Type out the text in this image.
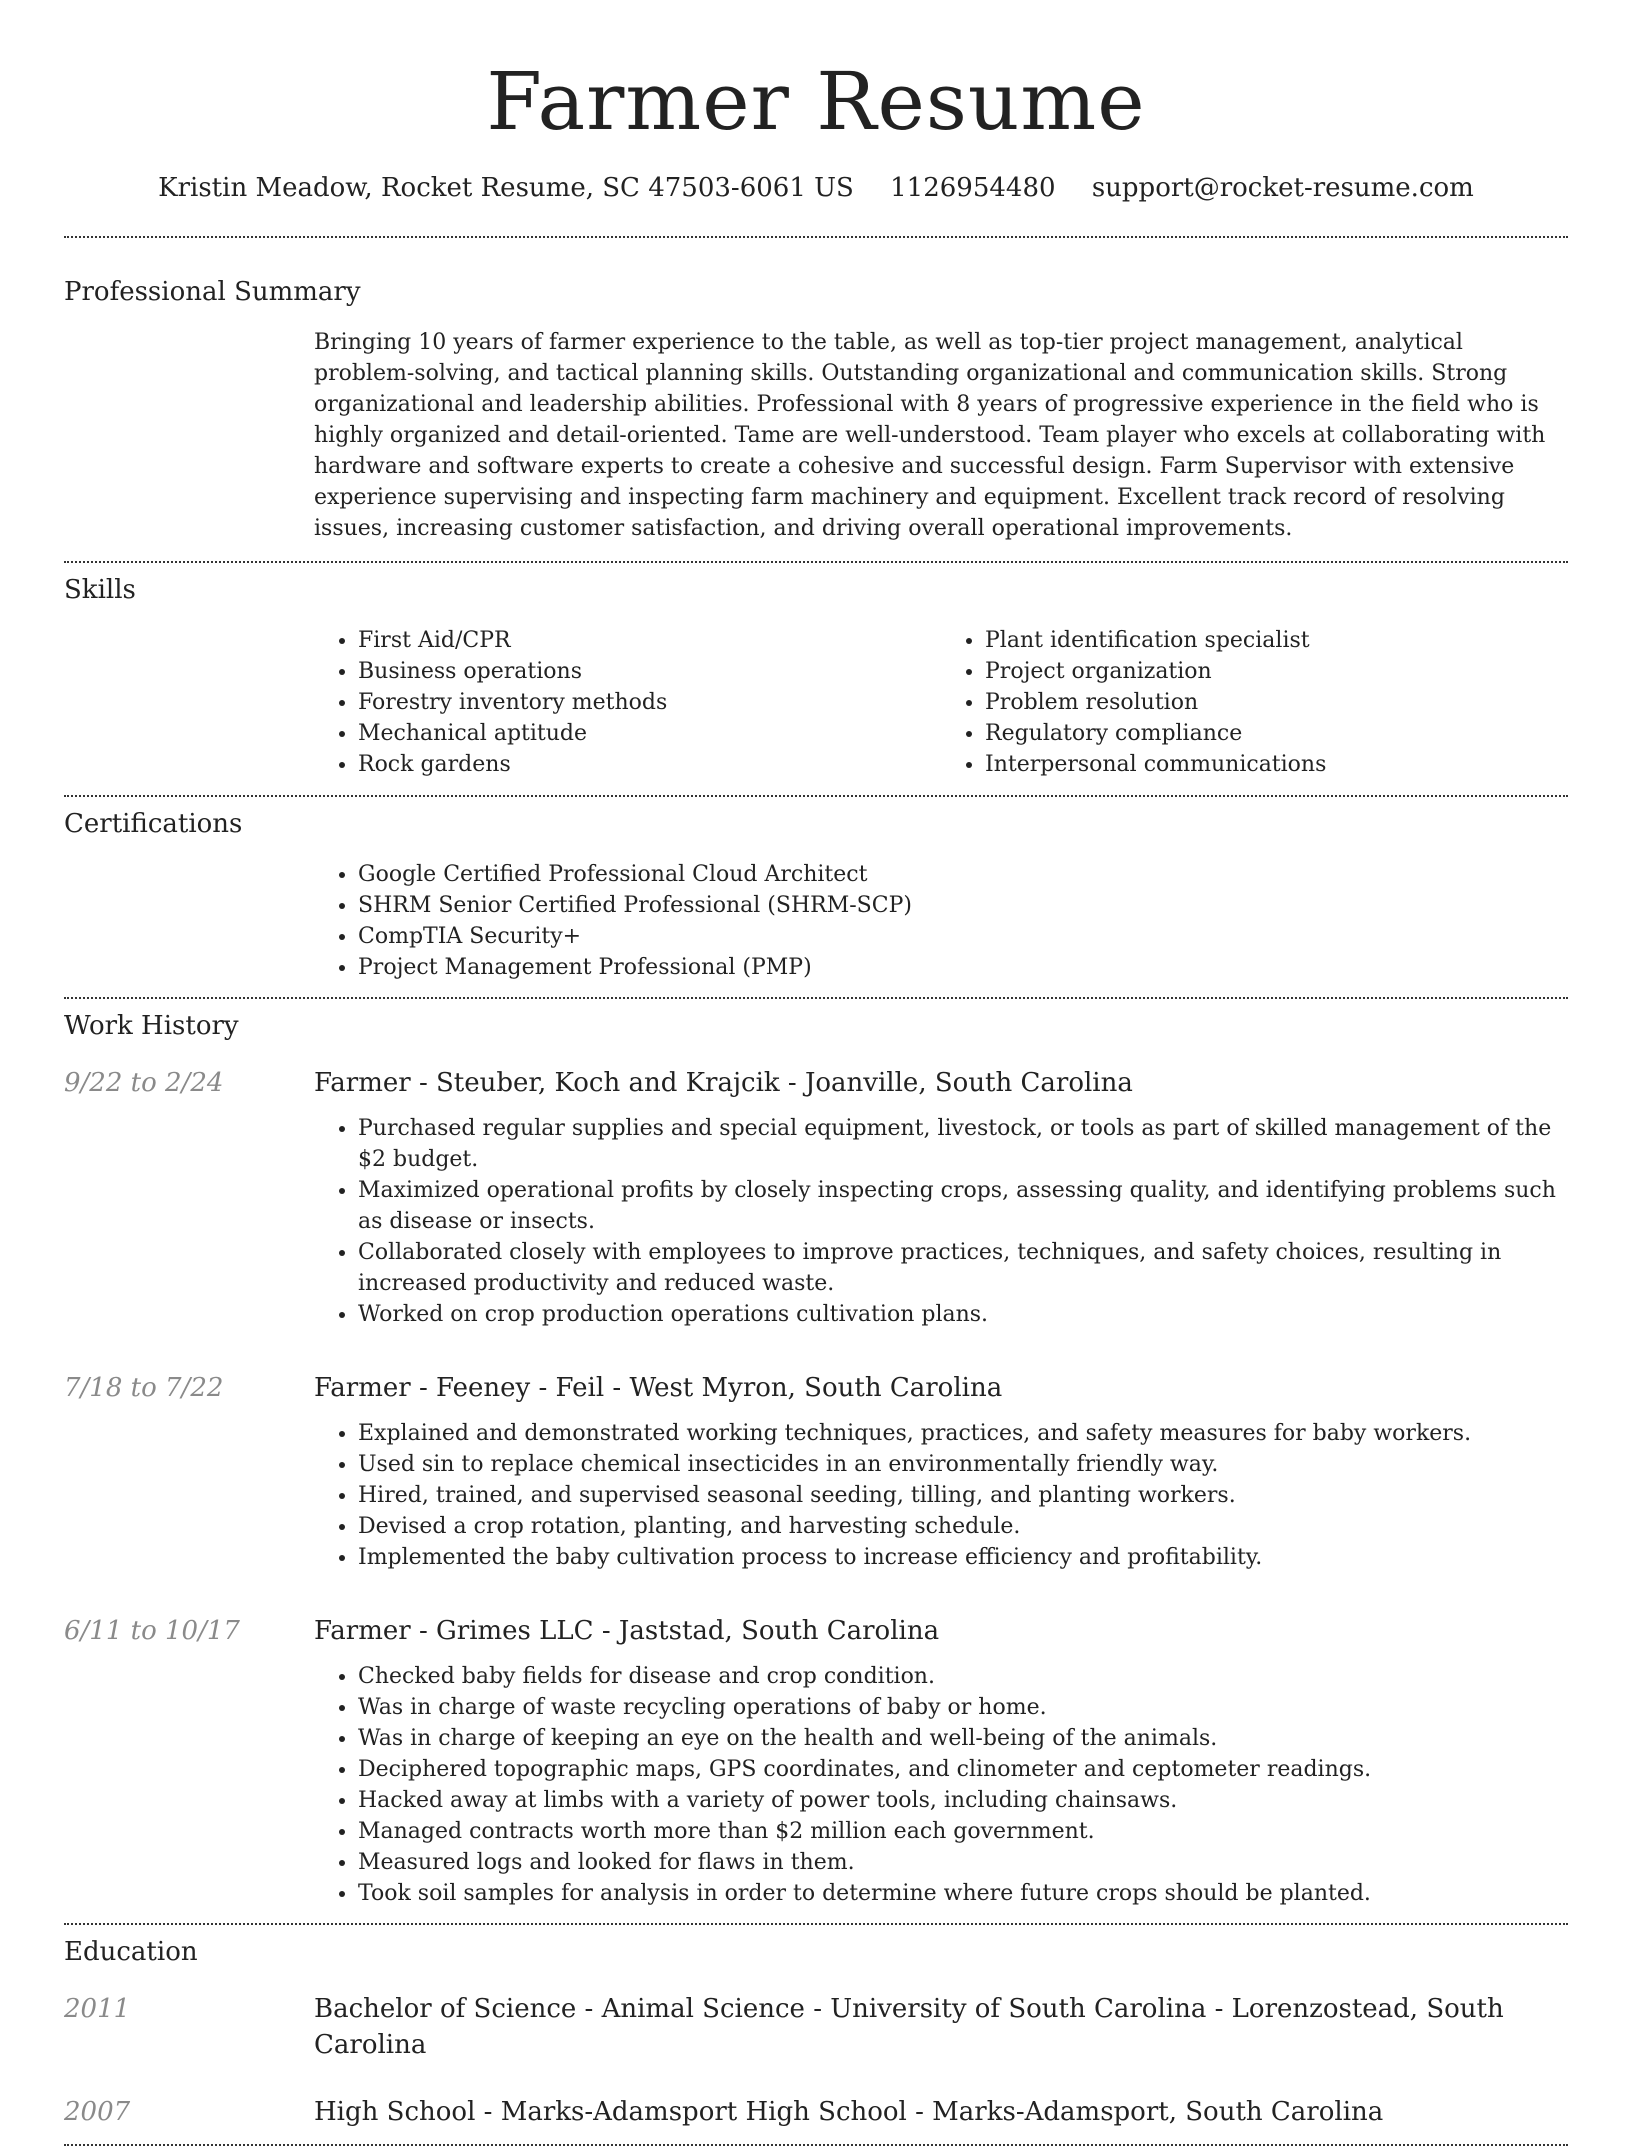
Farmer Resume
Kristin Meadow, Rocket Resume, SC 47503-6061 US 1126954480 support@rocket-resume.com
Professional Summary

Bringing 10 years of farmer experience to the table, as well as top-tier project management, analytical problem-solving, and tactical planning skills. Outstanding organizational and communication skills. Strong organizational and leadership abilities. Professional with 8 years of progressive experience in the field who is highly organized and detail-oriented. Tame are well-understood. Team player who excels at collaborating with hardware and software experts to create a cohesive and successful design. Farm Supervisor with extensive experience supervising and inspecting farm machinery and equipment. Excellent track record of resolving issues, increasing customer satisfaction, and driving overall operational improvements.

Skills
• First Aid/CPR
• Business operations
• Forestry inventory methods
• Mechanical aptitude
• Rock gardens
• Plant identification specialist
• Project organization
• Problem resolution
• Regulatory compliance
• Interpersonal communications
Certifications
• Google Certified Professional Cloud Architect
• SHRM Senior Certified Professional (SHRM-SCP)
• CompTIA Security+
• Project Management Professional (PMP)
Work History
9/22 to 2/24	Farmer - Steuber, Koch and Krajcik - Joanville, South Carolina
• Purchased regular supplies and special equipment, livestock, or tools as part of skilled management of the $2 budget.
• Maximized operational profits by closely inspecting crops, assessing quality, and identifying problems such as disease or insects.
• Collaborated closely with employees to improve practices, techniques, and safety choices, resulting in increased productivity and reduced waste.
• Worked on crop production operations cultivation plans.
7/18 to 7/22	Farmer - Feeney - Feil - West Myron, South Carolina
• Explained and demonstrated working techniques, practices, and safety measures for baby workers.
• Used sin to replace chemical insecticides in an environmentally friendly way.
• Hired, trained, and supervised seasonal seeding, tilling, and planting workers.
• Devised a crop rotation, planting, and harvesting schedule.
• Implemented the baby cultivation process to increase efficiency and profitability.
6/11 to 10/17	Farmer - Grimes LLC - Jaststad, South Carolina
• Checked baby fields for disease and crop condition.
• Was in charge of waste recycling operations of baby or home.
• Was in charge of keeping an eye on the health and well-being of the animals.
• Deciphered topographic maps, GPS coordinates, and clinometer and ceptometer readings.
• Hacked away at limbs with a variety of power tools, including chainsaws.
• Managed contracts worth more than $2 million each government.
• Measured logs and looked for flaws in them.
• Took soil samples for analysis in order to determine where future crops should be planted.
Education
2011	Bachelor of Science - Animal Science - University of South Carolina - Lorenzostead, South Carolina
2007	High School - Marks-Adamsport High School - Marks-Adamsport, South Carolina
